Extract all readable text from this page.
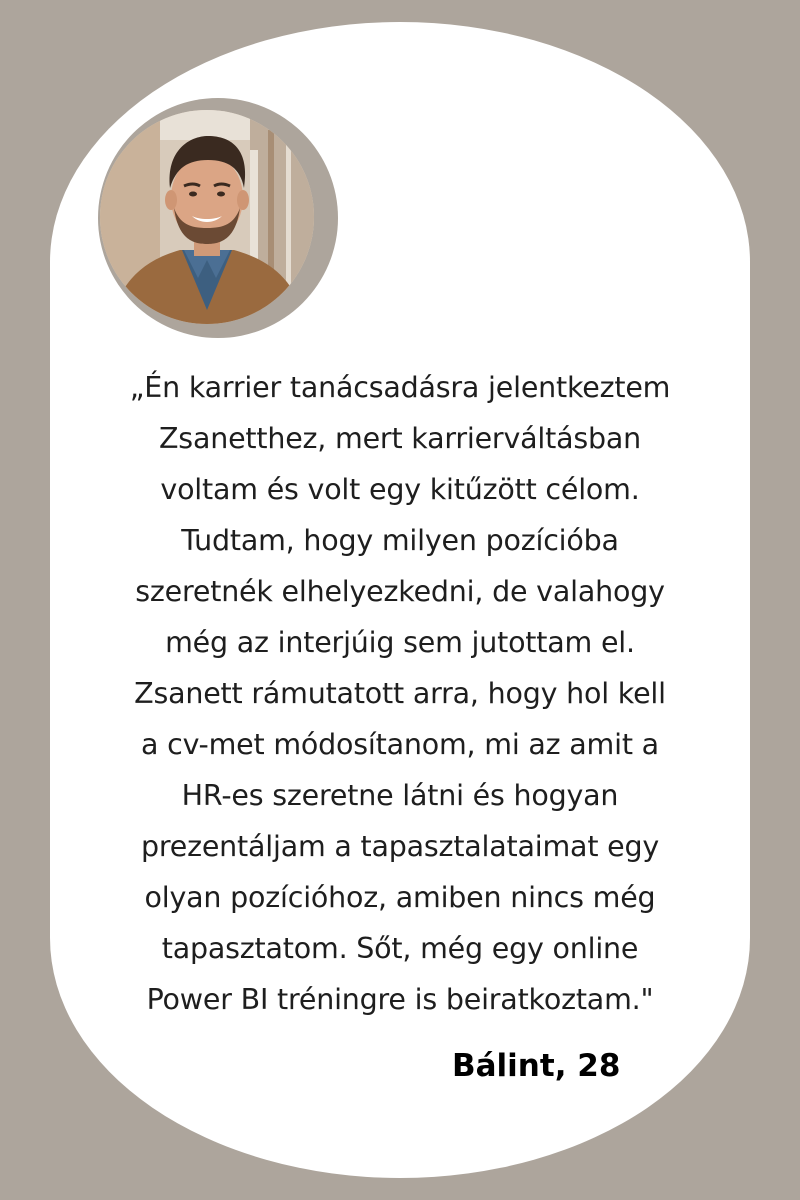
„Én karrier tanácsadásra jelentkeztem
Zsanetthez, mert karrierváltásban
voltam és volt egy kitűzött célom.
Tudtam, hogy milyen pozícióba
szeretnék elhelyezkedni, de valahogy
még az interjúig sem jutottam el.
Zsanett rámutatott arra, hogy hol kell
a cv-met módosítanom, mi az amit a
HR-es szeretne látni és hogyan
prezentáljam a tapasztalataimat egy
olyan pozícióhoz, amiben nincs még
tapasztatom. Sőt, még egy online
Power BI tréningre is beiratkoztam."

Bálint, 28
